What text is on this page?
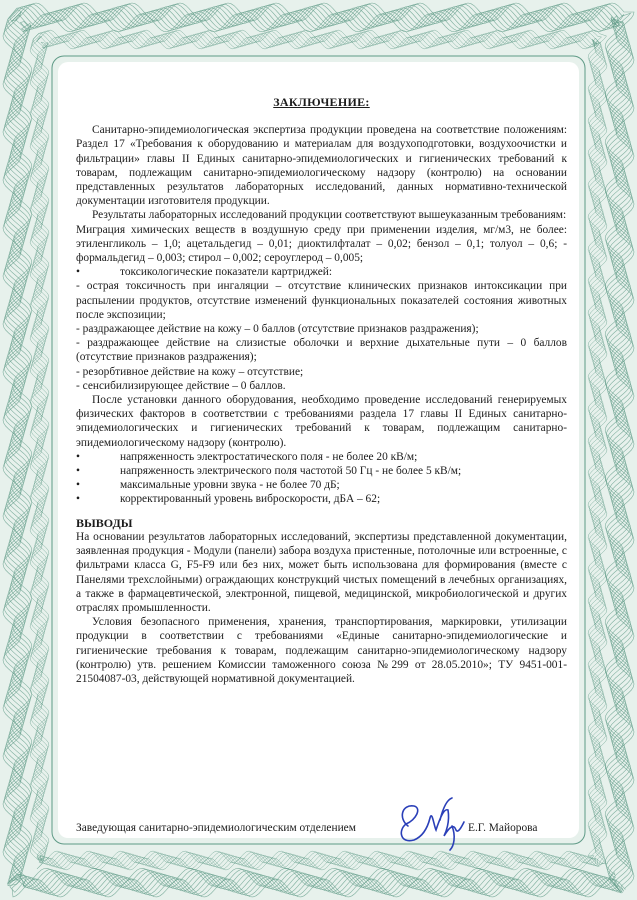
ЗАКЛЮЧЕНИЕ:

Санитарно-эпидемиологическая экспертиза продукции проведена на соответствие положениям: Раздел 17 «Требования к оборудованию и материалам для воздухоподготовки, воздухоочистки и фильтрации» главы II Единых санитарно-эпидемиологических и гигиенических требований к товарам, подлежащим санитарно-эпидемиологическому надзору (контролю) на основании представленных результатов лабораторных исследований, данных нормативно-технической документации изготовителя продукции.

Результаты лабораторных исследований продукции соответствуют вышеуказанным требованиям:

Миграция химических веществ в воздушную среду при применении изделия, мг/м3, не более: этиленгликоль – 1,0; ацетальдегид – 0,01; диоктилфталат – 0,02; бензол – 0,1; толуол – 0,6; - формальдегид – 0,003; стирол – 0,002; сероуглерод – 0,005;

•	токсикологические показатели картриджей:

- острая токсичность при ингаляции – отсутствие клинических признаков интоксикации при распылении продуктов, отсутствие изменений функциональных показателей состояния животных после экспозиции;

- раздражающее действие на кожу – 0 баллов (отсутствие признаков раздражения);

- раздражающее действие на слизистые оболочки и верхние дыхательные пути – 0 баллов (отсутствие признаков раздражения);

- резорбтивное действие на кожу – отсутствие;

- сенсибилизирующее действие – 0 баллов.

После установки данного оборудования, необходимо проведение исследований генерируемых физических факторов в соответствии с требованиями раздела 17 главы II Единых санитарно-эпидемиологических и гигиенических требований к товарам, подлежащим санитарно-эпидемиологическому надзору (контролю).

•	напряженность электростатического поля - не более 20 кВ/м;
•	напряженность электрического поля частотой 50 Гц - не более 5 кВ/м;
•	максимальные уровни звука - не более 70 дБ;
•	корректированный уровень виброскорости, дБА – 62;
ВЫВОДЫ

На основании результатов лабораторных исследований, экспертизы представленной документации, заявленная продукция - Модули (панели) забора воздуха пристенные, потолочные или встроенные, с фильтрами класса G, F5-F9 или без них, может быть использована для формирования (вместе с Панелями трехслойными) ограждающих конструкций чистых помещений в лечебных организациях, а также в фармацевтической, электронной, пищевой, медицинской, микробиологической и других отраслях промышленности.

Условия безопасного применения, хранения, транспортирования, маркировки, утилизации продукции в соответствии с требованиями «Единые санитарно-эпидемиологические и гигиенические требования к товарам, подлежащим санитарно-эпидемиологическому надзору (контролю) утв. решением Комиссии таможенного союза №299 от 28.05.2010»; ТУ 9451-001-21504087-03, действующей нормативной документацией.

Заведующая санитарно-эпидемиологическим отделением	Е.Г. Майорова
